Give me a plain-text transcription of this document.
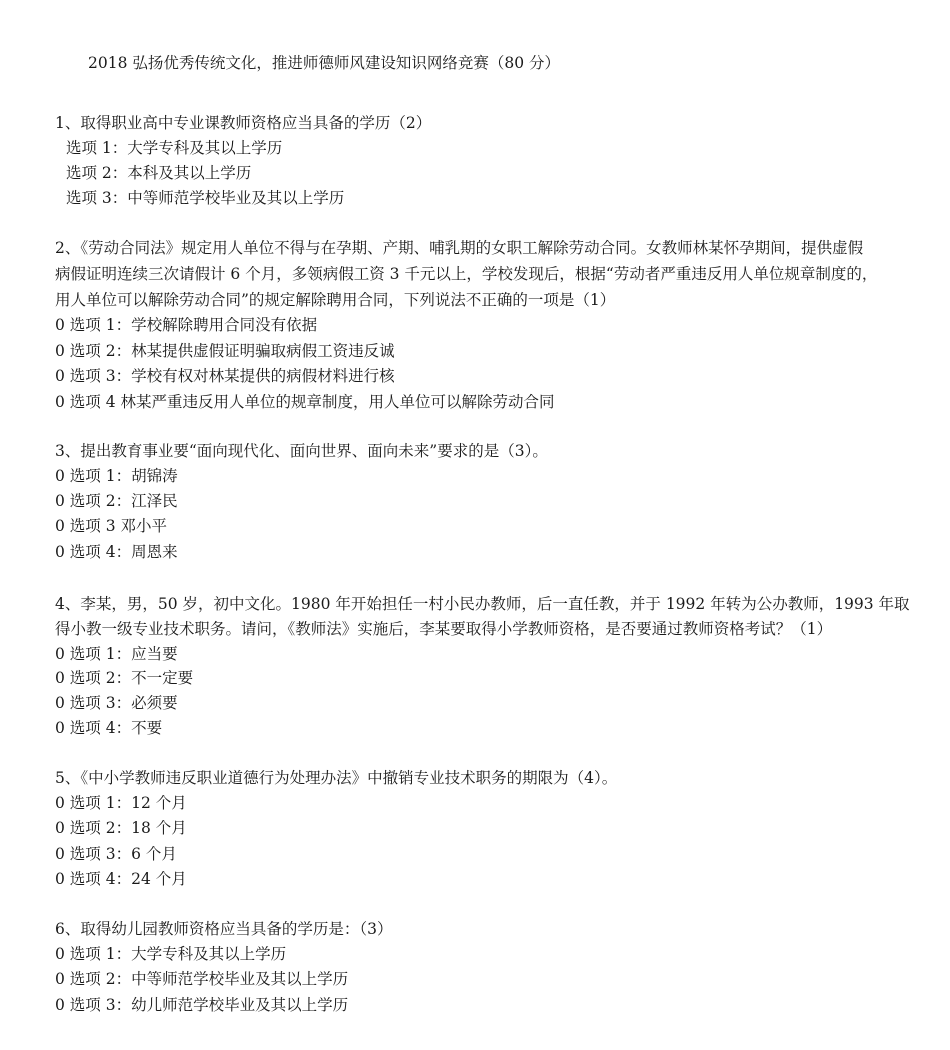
2018 弘扬优秀传统文化，推进师德师风建设知识网络竞赛（80 分）
1、取得职业高中专业课教师资格应当具备的学历（2）
选项 1：大学专科及其以上学历
选项 2：本科及其以上学历
选项 3：中等师范学校毕业及其以上学历
2、《劳动合同法》规定用人单位不得与在孕期、产期、哺乳期的女职工解除劳动合同。女教师林某怀孕期间，提供虚假
病假证明连续三次请假计 6 个月，多领病假工资 3 千元以上，学校发现后，根据“劳动者严重违反用人单位规章制度的，
用人单位可以解除劳动合同”的规定解除聘用合同，下列说法不正确的一项是（1）
0 选项 1：学校解除聘用合同没有依据
0 选项 2：林某提供虚假证明骗取病假工资违反诚
0 选项 3：学校有权对林某提供的病假材料进行核
0 选项 4 林某严重违反用人单位的规章制度，用人单位可以解除劳动合同
3、提出教育事业要“面向现代化、面向世界、面向未来”要求的是（3）。
0 选项 1：胡锦涛
0 选项 2：江泽民
0 选项 3 邓小平
0 选项 4：周恩来
4、李某，男，50 岁，初中文化。1980 年开始担任一村小民办教师，后一直任教，并于 1992 年转为公办教师，1993 年取
得小教一级专业技术职务。请问，《教师法》实施后，李某要取得小学教师资格，是否要通过教师资格考试？（1）
0 选项 1：应当要
0 选项 2：不一定要
0 选项 3：必须要
0 选项 4：不要
5、《中小学教师违反职业道德行为处理办法》中撤销专业技术职务的期限为（4）。
0 选项 1：12 个月
0 选项 2：18 个月
0 选项 3：6 个月
0 选项 4：24 个月
6、取得幼儿园教师资格应当具备的学历是：（3）
0 选项 1：大学专科及其以上学历
0 选项 2：中等师范学校毕业及其以上学历
0 选项 3：幼儿师范学校毕业及其以上学历
